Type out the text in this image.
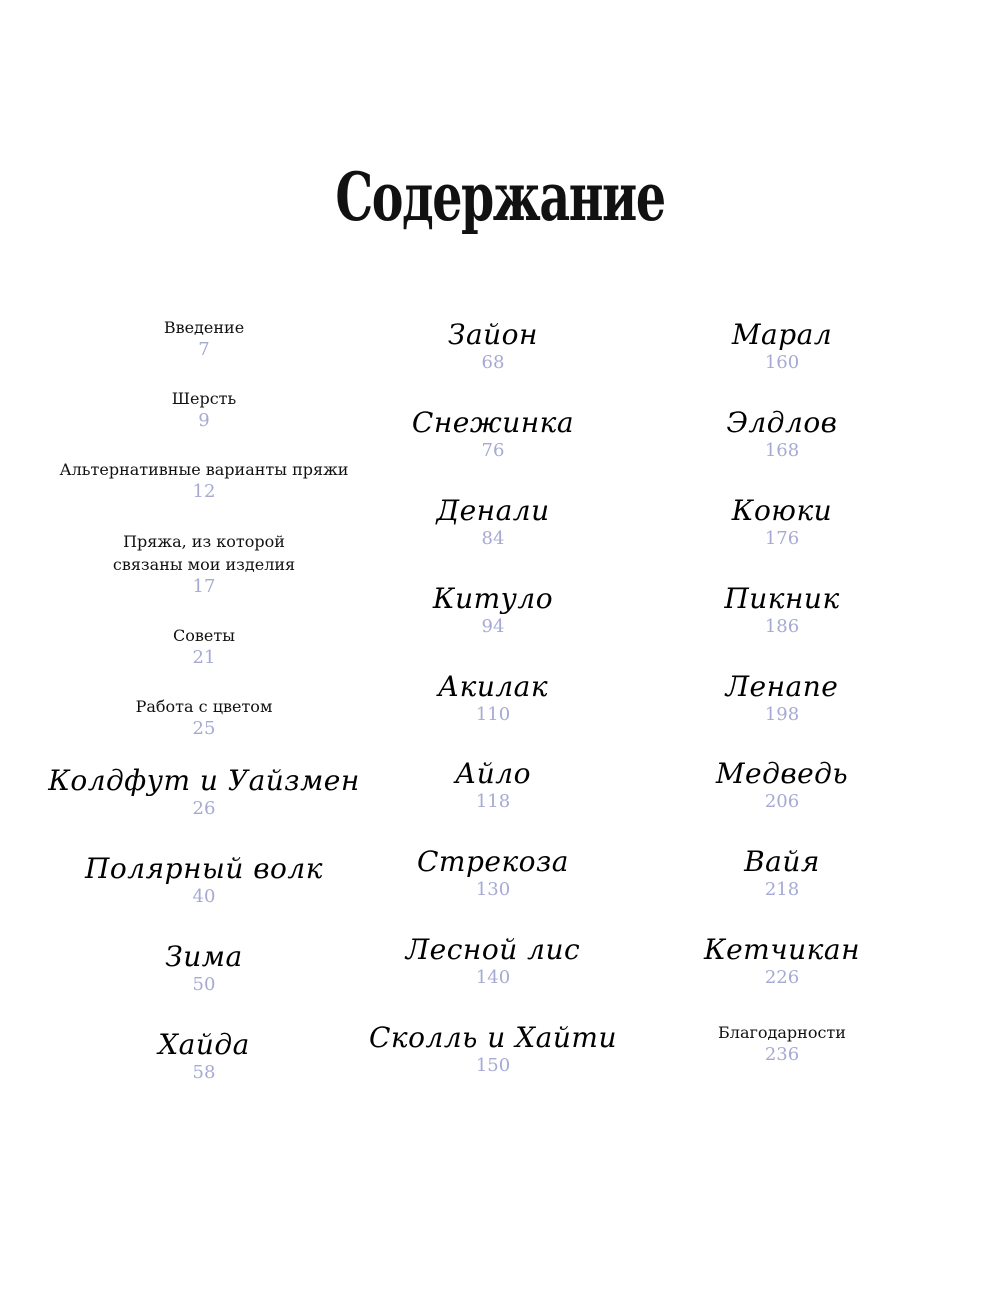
Содержание
Введение
7
Шерсть
9
Альтернативные варианты пряжи
12
Пряжа, из которой связаны мои изделия
17
Советы
21
Работа с цветом
25
Колдфут и Уайзмен
26
Полярный волк
40
Зима
50
Хайда
58
Зайон
68
Снежинка
76
Денали
84
Китуло
94
Акилак
110
Айло
118
Стрекоза
130
Лесной лис
140
Сколль и Хайти
150
Марал
160
Элдлов
168
Коюки
176
Пикник
186
Ленапе
198
Медведь
206
Вайя
218
Кетчикан
226
Благодарности
236
